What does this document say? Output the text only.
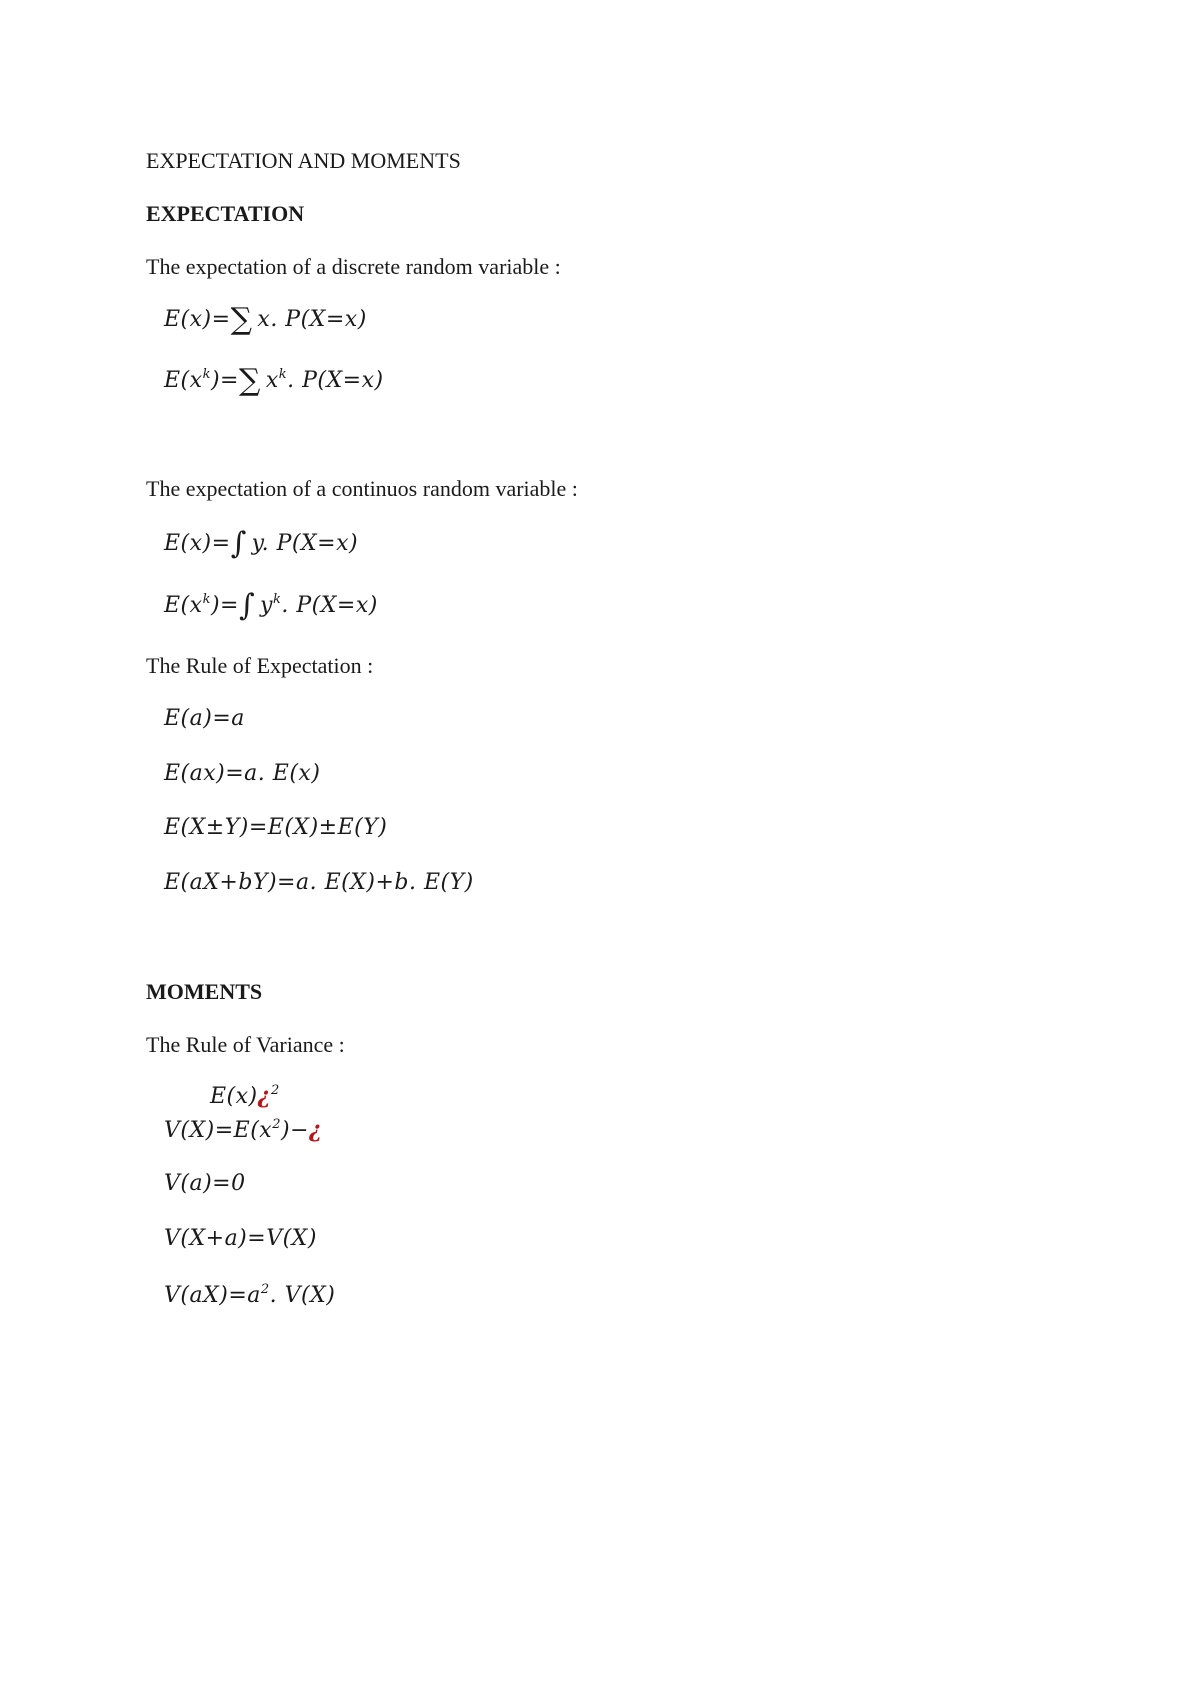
EXPECTATION AND MOMENTS
EXPECTATION
The expectation of a discrete random variable :
E(x)=∑  x. P(X=x)
$E(x^k)=\sum$  $x^k$. P(X=x)
The expectation of a continuos random variable :
E(x)=∫  y. P(X=x)
$E(x^k)=\int$  $y^k$. P(X=x)
The Rule of Expectation :
E(a)=a
E(ax)=a. E(x)
E(X±Y)=E(X)±E(Y)
E(aX+bY)=a. E(X)+b. E(Y)
MOMENTS
The Rule of Variance :
E(x)¿$^2$
$V(X)=E(x^2)-¿$
V(a)=0
V(X+a)=V(X)
$V(aX)=a^2$. V(X)
